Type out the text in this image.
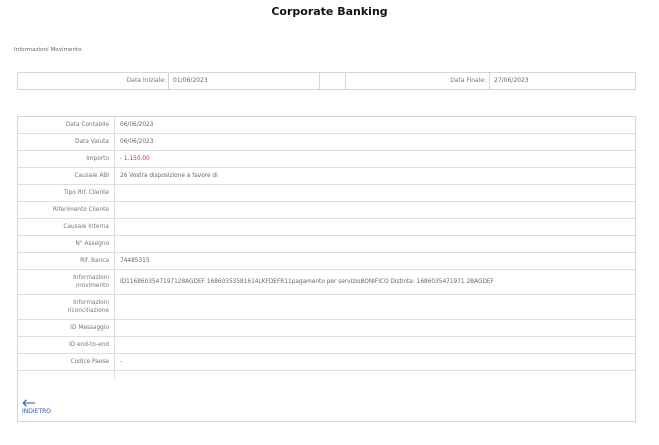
Corporate Banking
Informazioni Movimento
Data Iniziale: 01/06/2023	Data Finale: 27/06/2023
Data Contabile	06/06/2023
Data Valuta	06/06/2023
Importo	- 1.150,00
Causale ABI	26 Vostra disposizione a favore di
Tipo Rif. Cliente	
Riferimento Cliente	
Causale Interna	
N° Assegno	
Rif. Banca	74485315

Informazioni
movimento	ID1168603547197128AGDEF 16860353581614LKFDEFR11pagamento per servizioBONIFICO Distinta: 1686035471971 2BAGDEF

Informazioni
riconciliazione	

ID Messaggio	
ID end-to-end	
Codice Paese	-

INDIETRO
